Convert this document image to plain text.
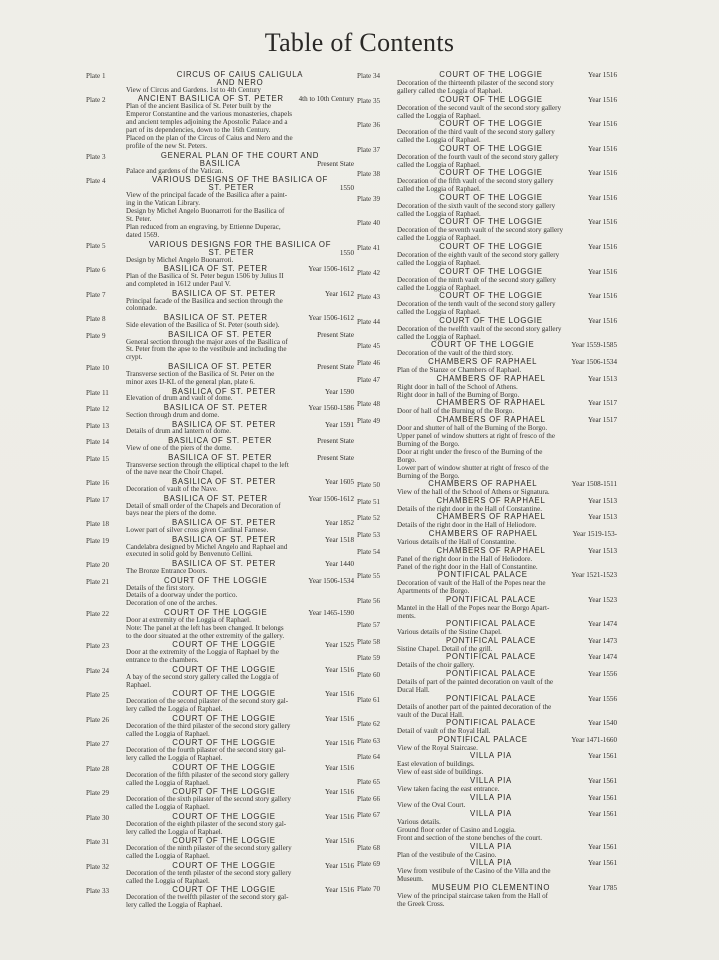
Table of Contents
Plate 1	CIRCUS OF CAIUS CALIGULA
AND NERO
View of Circus and Gardens. 1st to 4th Century
Plate 2	ANCIENT BASILICA OF ST. PETER	4th to 10th Century
Plan of the ancient Basilica of St. Peter built by the
Emperor Constantine and the various monasteries, chapels
and ancient temples adjoining the Apostolic Palace and a
part of its dependencies, down to the 16th Century.
Placed on the plan of the Circus of Caius and Nero and the
profile of the new St. Peters.
Plate 3	GENERAL PLAN OF THE COURT AND
BASILICA	Present State
Palace and gardens of the Vatican.
Plate 4	VARIOUS DESIGNS OF THE BASILICA OF
ST. PETER	1550
View of the principal facade of the Basilica after a paint-
ing in the Vatican Library.
Design by Michel Angelo Buonarroti for the Basilica of
St. Peter.
Plan reduced from an engraving, by Ettienne Duperac,
dated 1569.
Plate 5	VARIOUS DESIGNS FOR THE BASILICA OF
ST. PETER	1550
Design by Michel Angelo Buonarroti.
Plate 6	BASILICA OF ST. PETER	Year 1506-1612
Plan of the Basilica of St. Peter begun 1506 by Julius II
and completed in 1612 under Paul V.
Plate 7	BASILICA OF ST. PETER	Year 1612
Principal facade of the Basilica and section through the
colonnade.
Plate 8	BASILICA OF ST. PETER	Year 1506-1612
Side elevation of the Basilica of St. Peter (south side).
Plate 9	BASILICA OF ST. PETER	Present State
General section through the major axes of the Basilica of
St. Peter from the apse to the vestibule and including the
crypt.
Plate 10	BASILICA OF ST. PETER	Present State
Transverse section of the Basilica of St. Peter on the
minor axes IJ-KL of the general plan, plate 6.
Plate 11	BASILICA OF ST. PETER	Year 1590
Elevation of drum and vault of dome.
Plate 12	BASILICA OF ST. PETER	Year 1560-1586
Section through drum and dome.
Plate 13	BASILICA OF ST. PETER	Year 1591
Details of drum and lantern of dome.
Plate 14	BASILICA OF ST. PETER	Present State
View of one of the piers of the dome.
Plate 15	BASILICA OF ST. PETER	Present State
Transverse section through the elliptical chapel to the left
of the nave near the Choir Chapel.
Plate 16	BASILICA OF ST. PETER	Year 1605
Decoration of vault of the Nave.
Plate 17	BASILICA OF ST. PETER	Year 1506-1612
Detail of small order of the Chapels and Decoration of
bays near the piers of the dome.
Plate 18	BASILICA OF ST. PETER	Year 1852
Lower part of silver cross given Cardinal Farnese.
Plate 19	BASILICA OF ST. PETER	Year 1518
Candelabra designed by Michel Angelo and Raphael and
executed in solid gold by Benvenuto Cellini.
Plate 20	BASILICA OF ST. PETER	Year 1440
The Bronze Entrance Doors.
Plate 21	COURT OF THE LOGGIE	Year 1506-1534
Details of the first story.
Details of a doorway under the portico.
Decoration of one of the arches.
Plate 22	COURT OF THE LOGGIE	Year 1465-1590
Door at extremity of the Loggia of Raphael.
Note: The panel at the left has been changed. It belongs
to the door situated at the other extremity of the gallery.
Plate 23	COURT OF THE LOGGIE	Year 1525
Door at the extremity of the Loggia of Raphael by the
entrance to the chambers.
Plate 24	COURT OF THE LOGGIE	Year 1516
A bay of the second story gallery called the Loggia of
Raphael.
Plate 25	COURT OF THE LOGGIE	Year 1516
Decoration of the second pilaster of the second story gal-
lery called the Loggia of Raphael.
Plate 26	COURT OF THE LOGGIE	Year 1516
Decoration of the third pilaster of the second story gallery
called the Loggia of Raphael.
Plate 27	COURT OF THE LOGGIE	Year 1516
Decoration of the fourth pilaster of the second story gal-
lery called the Loggia of Raphael.
Plate 28	COURT OF THE LOGGIE	Year 1516
Decoration of the fifth pilaster of the second story gallery
called the Loggia of Raphael.
Plate 29	COURT OF THE LOGGIE	Year 1516
Decoration of the sixth pilaster of the second story gallery
called the Loggia of Raphael.
Plate 30	COURT OF THE LOGGIE	Year 1516
Decoration of the eighth pilaster of the second story gal-
lery called the Loggia of Raphael.
Plate 31	COURT OF THE LOGGIE	Year 1516
Decoration of the ninth pilaster of the second story gallery
called the Loggia of Raphael.
Plate 32	COURT OF THE LOGGIE	Year 1516
Decoration of the tenth pilaster of the second story gallery
called the Loggia of Raphael.
Plate 33	COURT OF THE LOGGIE	Year 1516
Decoration of the twelfth pilaster of the second story gal-
lery called the Loggia of Raphael.
Plate 34	COURT OF THE LOGGIE	Year 1516
Decoration of the thirteenth pilaster of the second story
gallery called the Loggia of Raphael.
Plate 35	COURT OF THE LOGGIE	Year 1516
Decoration of the second vault of the second story gallery
called the Loggia of Raphael.
Plate 36	COURT OF THE LOGGIE	Year 1516
Decoration of the third vault of the second story gallery
called the Loggia of Raphael.
Plate 37	COURT OF THE LOGGIE	Year 1516
Decoration of the fourth vault of the second story gallery
called the Loggia of Raphael.
Plate 38	COURT OF THE LOGGIE	Year 1516
Decoration of the fifth vault of the second story gallery
called the Loggia of Raphael.
Plate 39	COURT OF THE LOGGIE	Year 1516
Decoration of the sixth vault of the second story gallery
called the Loggia of Raphael.
Plate 40	COURT OF THE LOGGIE	Year 1516
Decoration of the seventh vault of the second story gallery
called the Loggia of Raphael.
Plate 41	COURT OF THE LOGGIE	Year 1516
Decoration of the eighth vault of the second story gallery
called the Loggia of Raphael.
Plate 42	COURT OF THE LOGGIE	Year 1516
Decoration of the ninth vault of the second story gallery
called the Loggia of Raphael.
Plate 43	COURT OF THE LOGGIE	Year 1516
Decoration of the tenth vault of the second story gallery
called the Loggia of Raphael.
Plate 44	COURT OF THE LOGGIE	Year 1516
Decoration of the twelfth vault of the second story gallery
called the Loggia of Raphael.
Plate 45	COURT OF THE LOGGIE	Year 1559-1585
Decoration of the vault of the third story.
Plate 46	CHAMBERS OF RAPHAEL	Year 1506-1534
Plan of the Stanze or Chambers of Raphael.
Plate 47	CHAMBERS OF RAPHAEL	Year 1513
Right door in hall of the School of Athens.
Right door in hall of the Burning of Borgo.
Plate 48	CHAMBERS OF RAPHAEL	Year 1517
Door of hall of the Burning of the Borgo.
Plate 49	CHAMBERS OF RAPHAEL	Year 1517
Door and shutter of hall of the Burning of the Borgo.
Upper panel of window shutters at right of fresco of the
Burning of the Borgo.
Door at right under the fresco of the Burning of the
Borgo.
Lower part of window shutter at right of fresco of the
Burning of the Borgo.
Plate 50	CHAMBERS OF RAPHAEL	Year 1508-1511
View of the hall of the School of Athens or Signatura.
Plate 51	CHAMBERS OF RAPHAEL	Year 1513
Details of the right door in the Hall of Constantine.
Plate 52	CHAMBERS OF RAPHAEL	Year 1513
Details of the right door in the Hall of Heliodore.
Plate 53	CHAMBERS OF RAPHAEL	Year 1519-153-
Various details of the Hall of Constantine.
Plate 54	CHAMBERS OF RAPHAEL	Year 1513
Panel of the right door in the Hall of Heliodore.
Panel of the right door in the Hall of Constantine.
Plate 55	PONTIFICAL PALACE	Year 1521-1523
Decoration of vault of the Hall of the Popes near the
Apartments of the Borgo.
Plate 56	PONTIFICAL PALACE	Year 1523
Mantel in the Hall of the Popes near the Borgo Apart-
ments.
Plate 57	PONTIFICAL PALACE	Year 1474
Various details of the Sistine Chapel.
Plate 58	PONTIFICAL PALACE	Year 1473
Sistine Chapel. Detail of the grill.
Plate 59	PONTIFICAL PALACE	Year 1474
Details of the choir gallery.
Plate 60	PONTIFICAL PALACE	Year 1556
Details of part of the painted decoration on vault of the
Ducal Hall.
Plate 61	PONTIFICAL PALACE	Year 1556
Details of another part of the painted decoration of the
vault of the Ducal Hall.
Plate 62	PONTIFICAL PALACE	Year 1540
Detail of vault of the Royal Hall.
Plate 63	PONTIFICAL PALACE	Year 1471-1660
View of the Royal Staircase.
Plate 64	VILLA PIA	Year 1561
East elevation of buildings.
View of east side of buildings.
Plate 65	VILLA PIA	Year 1561
View taken facing the east entrance.
Plate 66	VILLA PIA	Year 1561
View of the Oval Court.
Plate 67	VILLA PIA	Year 1561
Various details.
Ground floor order of Casino and Loggia.
Front and section of the stone benches of the court.
Plate 68	VILLA PIA	Year 1561
Plan of the vestibule of the Casino.
Plate 69	VILLA PIA	Year 1561
View from vestibule of the Casino of the Villa and the
Museum.
Plate 70	MUSEUM PIO CLEMENTINO	Year 1785
View of the principal staircase taken from the Hall of
the Greek Cross.
